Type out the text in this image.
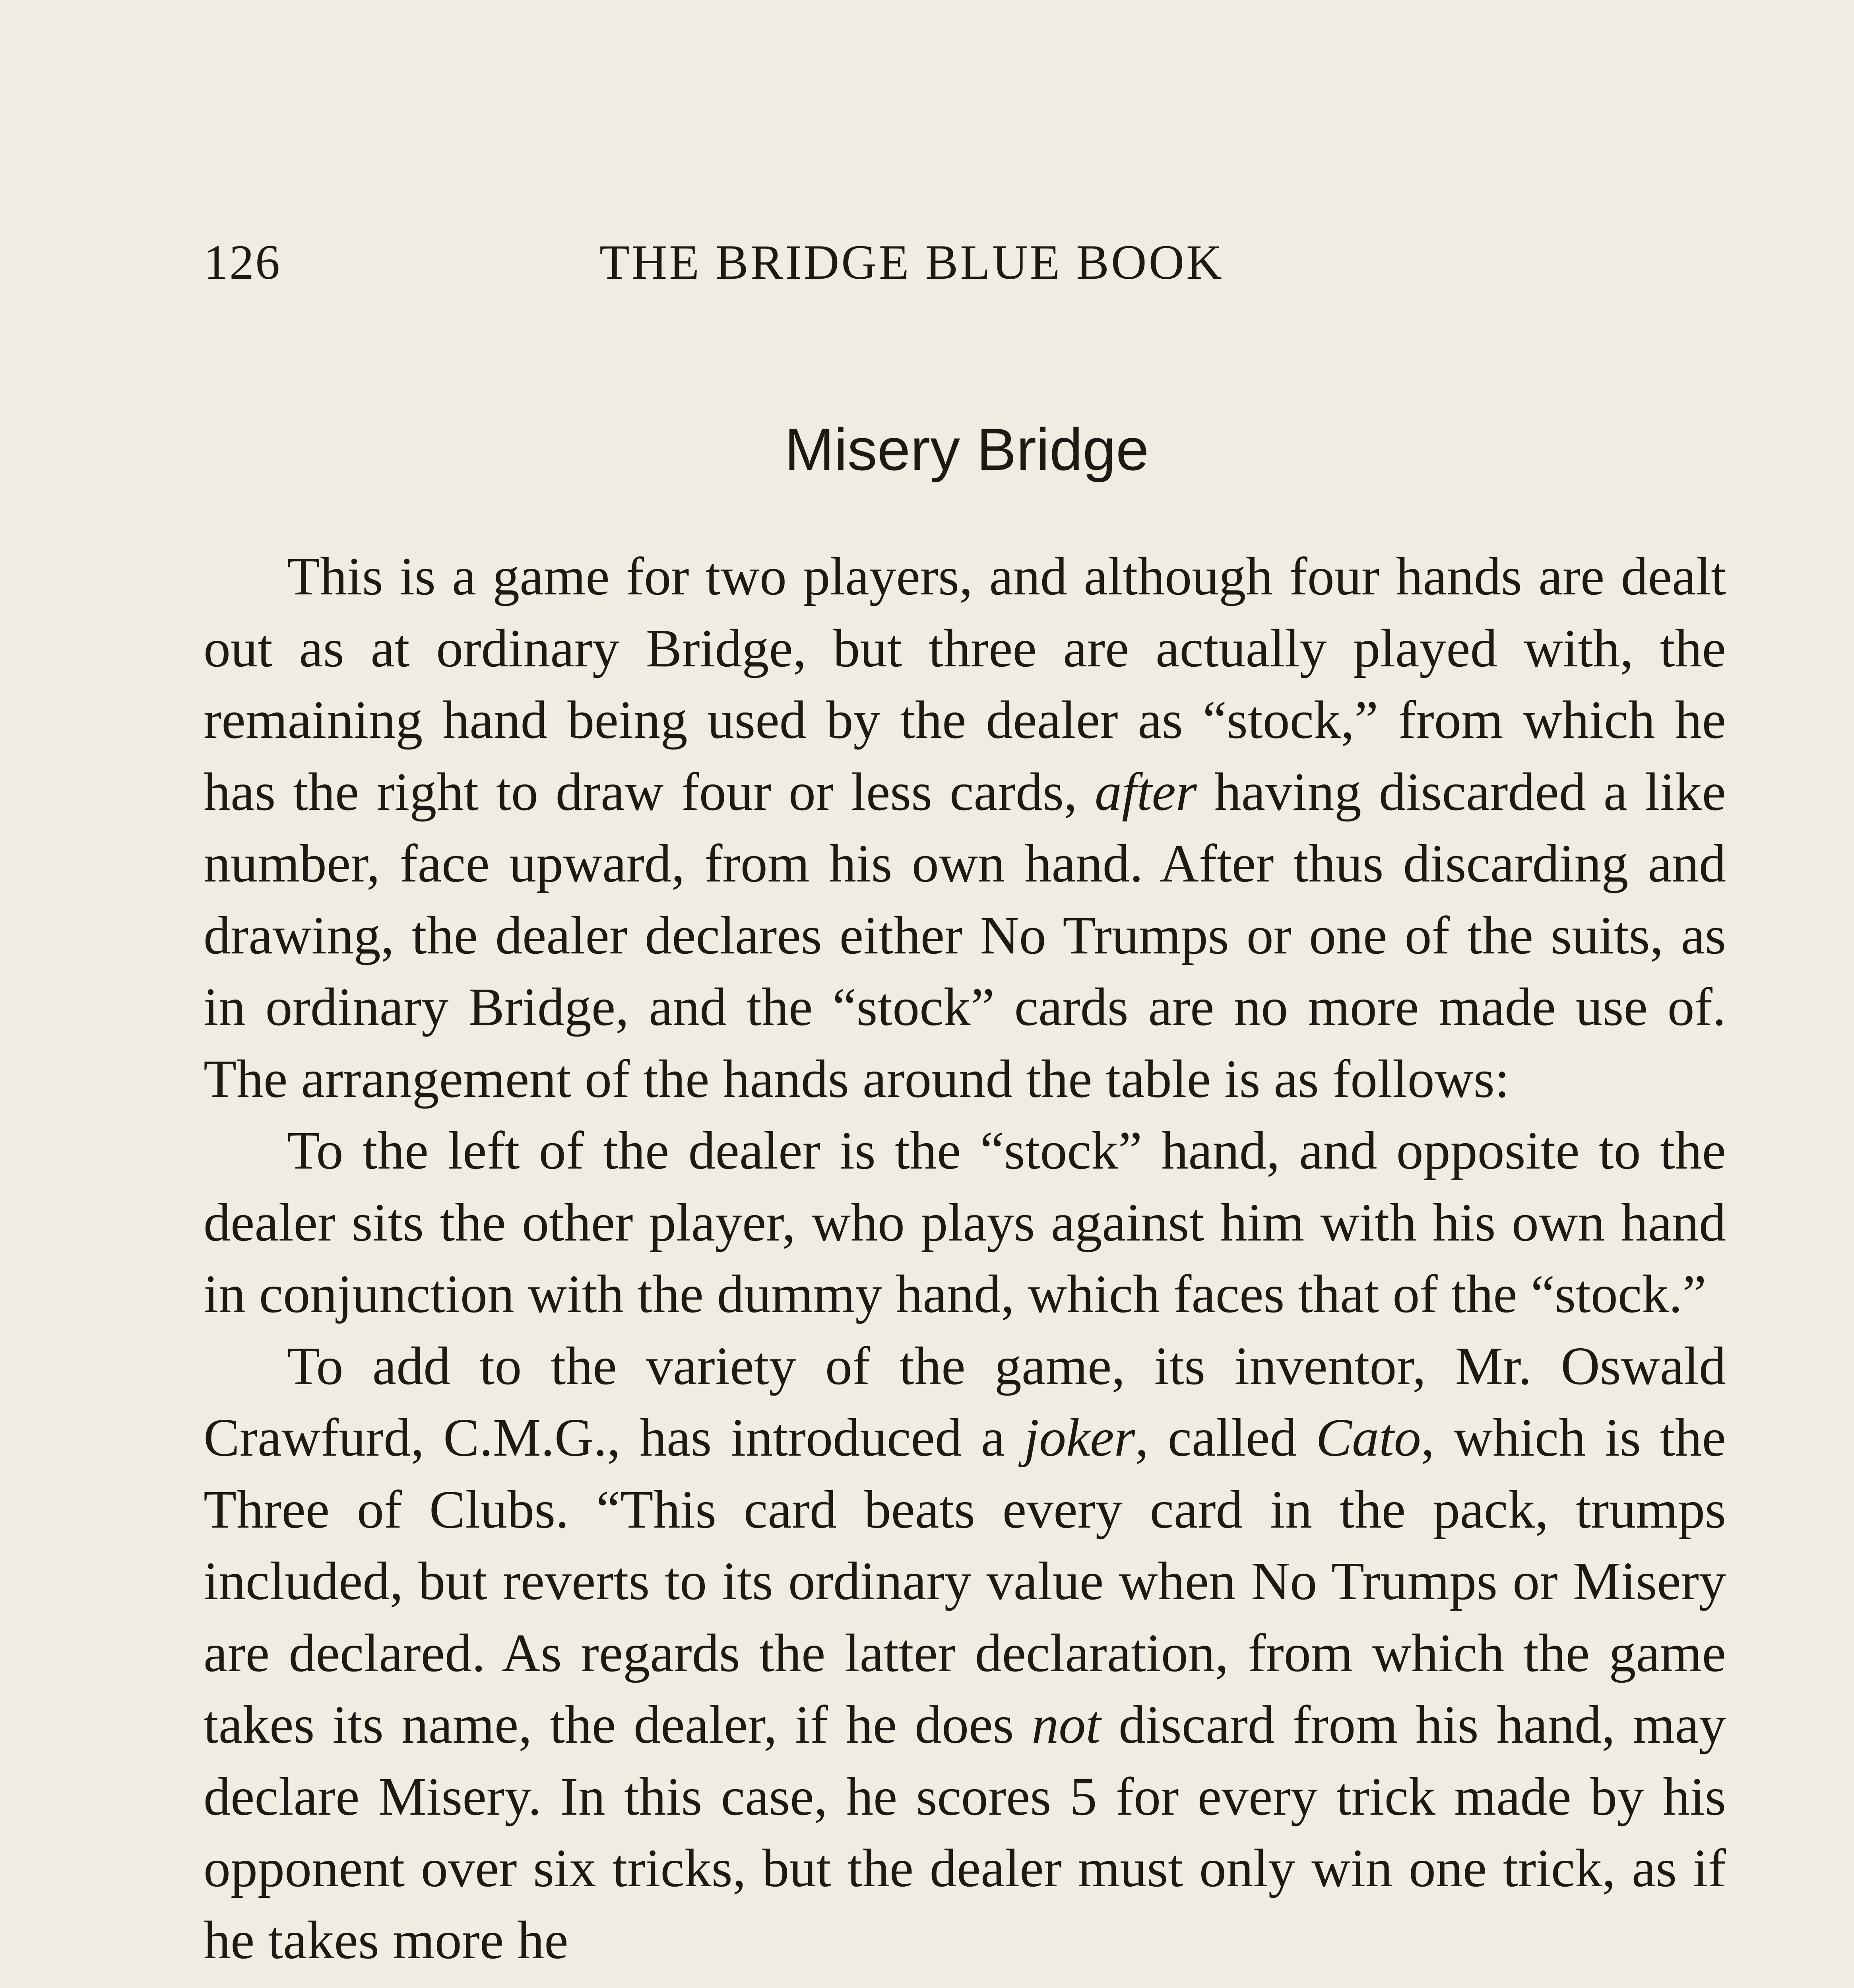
126	THE BRIDGE BLUE BOOK
Misery Bridge

This is a game for two players, and although four hands are dealt out as at ordinary Bridge, but three are actually played with, the remaining hand being used by the dealer as “stock,” from which he has the right to draw four or less cards, after having discarded a like number, face upward, from his own hand. After thus discarding and drawing, the dealer declares either No Trumps or one of the suits, as in ordinary Bridge, and the “stock” cards are no more made use of. The arrangement of the hands around the table is as follows:

To the left of the dealer is the “stock” hand, and opposite to the dealer sits the other player, who plays against him with his own hand in conjunction with the dummy hand, which faces that of the “stock.”

To add to the variety of the game, its inventor, Mr. Oswald Crawfurd, C.M.G., has introduced a joker, called Cato, which is the Three of Clubs. “This card beats every card in the pack, trumps included, but reverts to its ordinary value when No Trumps or Misery are declared. As regards the latter declaration, from which the game takes its name, the dealer, if he does not discard from his hand, may declare Misery. In this case, he scores 5 for every trick made by his opponent over six tricks, but the dealer must only win one trick, as if he takes more he
